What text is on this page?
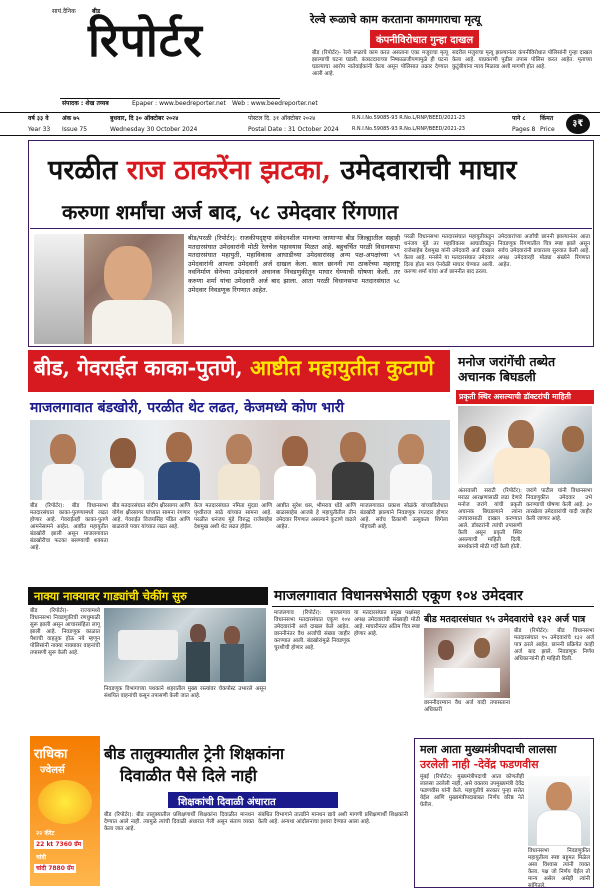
सायं.दैनिक	बीड
रिपोर्टर
संपादक : शेख तय्यब	Epaper : www.beedreporter.net Web : www.beedreporter.net
रेल्वे रूळाचे काम करताना कामगाराचा मृत्यू
कंपनीविरोधात गुन्हा दाखल
बीड (रिपोर्टर)- रेल्वे रूळाचे काम करत असताना एका मजुराचा मृत्यू झाल्याची घटना घडली. कंत्राटदाराच्या निष्काळजीपणामुळे ही घटना घडल्याचा आरोप नातेवाईकांनी केला असून पोलिसात तक्रार देण्यात आली आहे.
सदरील मजुराचा मृत्यू झाल्यानंतर कंपनीविरोधात पोलिसांनी गुन्हा दाखल केला आहे. याप्रकरणी पुढील तपास पोलिस करत आहेत. मृताच्या कुटुंबीयांना न्याय मिळावा अशी मागणी होत आहे.
वर्ष ३३ वे अंक ७५	बुधवार, दि ३० ऑक्टोबर २०२४
Year 33 Issue 75	Wednesday 30 October 2024
पोस्टल दि. ३१ ऑक्टोबर २०२४
Postal Date : 31 October 2024
R.N.I.No.59085-93 R.No.L/RNP/BEED/2021-23
R.N.I.No.59085-93 R.No.L/RNP/BEED/2021-23
पाने ८ किंमत
Pages 8 Price
३₹
परळीत राज ठाकरेंना झटका, उमेदवाराची माघार
करुणा शर्मांचा अर्ज बाद, ५८ उमेदवार रिंगणात
बीड/परळी (रिपोर्टर): राजकीयदृष्ट्या संवेदनशील मानल्या जाणाऱ्या बीड जिल्ह्यातील सहाही मतदारसंघात उमेदवारांनी मोठी रेलचेल पहावयास मिळत आहे. बहुचर्चित परळी विधानसभा मतदारसंघात महायुती, महाविकास आघाडीच्या उमेदवारांसह अन्य पक्ष-अपक्षांच्या ५९ उमेदवारांनी आपला उमेदवारी अर्ज दाखल केला. काल छाननी त्या ठाकरेंच्या महाराष्ट्र नवनिर्माण सेनेच्या उमेदवाराने अचानक निवडणुकीतून माघार घेण्याची घोषणा केली. तर करुणा शर्मा यांचा उमेदवारी अर्ज बाद झाला. आता परळी विधानसभा मतदारसंघात ५८ उमेदवार निवडणूक रिंगणात आहेत.
परळी विधानसभा मतदारसंघात महायुतीकडून धनंजय मुंडे तर महाविकास आघाडीकडून राजेसाहेब देशमुख यांनी उमेदवारी अर्ज दाखल केला आहे. मनसेने या मतदारसंघात उमेदवार दिला होता मात्र ऐनवेळी माघार घेण्यात आली. करुणा शर्मा यांचा अर्ज छाननीत बाद ठरला.
उमेदवारांच्या अर्जांची छाननी झाल्यानंतर आता निवडणूक रिंगणातील चित्र स्पष्ट झाले असून सर्वच उमेदवारांनी प्रचाराला सुरुवात केली आहे. अपक्ष उमेदवारही मोठ्या संख्येने रिंगणात आहेत.
बीड, गेवराईत काका-पुतणे, आष्टीत महायुतीत कुटाणे
माजलगावात बंडखोरी, परळीत थेट लढत, केजमध्ये कोण भारी
बीड (रिपोर्टर): बीड विधानसभा मतदारसंघात काका-पुतण्यामध्ये लढत होणार आहे. गेवराईतही काका-पुतणे आमनेसामने आहेत. आष्टीत महायुतीत बंडखोरी झाली असून माजलगावात बंडखोरीचा फटका बसण्याची शक्यता आहे.
बीड मतदारसंघात संदीप क्षीरसागर आणि योगेश क्षीरसागर यांच्यात सामना रंगणार आहे. गेवराईत विजयसिंह पंडित आणि बाळराजे पवार यांच्यात लढत आहे.
केज मतदारसंघात नमिता मुंदडा आणि पृथ्वीराज साठे यांच्यात सामना आहे. परळीत धनंजय मुंडे विरुद्ध राजेसाहेब देशमुख अशी थेट लढत होईल.
आष्टीत सुरेश धस, भीमराव धोंडे आणि बाळासाहेब आजबे हे महायुतीतील तीन उमेदवार रिंगणात असल्याने कुटाणे वाढले आहेत.
माजलगावात प्रकाश सोळंके यांच्याविरोधात बंडखोरी झाल्याने निवडणूक रंगतदार होणार आहे. सर्वच ठिकाणी उत्सुकता शिगेला पोहचली आहे.
मनोज जरांगेंची तब्येत अचानक बिघडली
प्रकृती स्थिर असल्याची डॉक्टरांची माहिती
अंतरवाली सराटी (रिपोर्टर): मराठा आरक्षणासाठी लढा देणारे मनोज जरांगे यांची प्रकृती अचानक बिघडल्याने त्यांना उपचारासाठी दाखल करण्यात आले. डॉक्टरांनी त्यांची तपासणी केली असून प्रकृती स्थिर असल्याची माहिती दिली. समर्थकांनी मोठी गर्दी केली होती.
जरांगे पाटील यांनी विधानसभा निवडणुकीत उमेदवार उभे करण्याची घोषणा केली आहे. ३० तारखेला उमेदवारांची यादी जाहीर केली जाणार आहे.
नाक्या नाक्यावर गाड्यांची चेकींग सुरु
बीड (रिपोर्टर)- राज्यामध्ये विधानसभा निवडणुकीची रणधुमाळी सुरू झाली असून आचारसंहिता लागू झाली आहे. निवडणूक काळात पैशाची वाहतूक होऊ नये म्हणून पोलिसांनी नाक्या नाक्यावर वाहनांची तपासणी सुरू केली आहे.
निवडणूक विभागाच्या पथकाने शहरातील मुख्य रस्त्यांवर चेकपोस्ट उभारले असून संशयित वाहनांची कसून तपासणी केली जात आहे.
माजलगावात विधानसभेसाठी एकूण १०४ उमेदवार
माजलगाव (रिपोर्टर): माजलगाव विधानसभा मतदारसंघात एकूण १०४ उमेदवारांनी अर्ज दाखल केले आहेत. छाननीनंतर वैध अर्जांची संख्या जाहीर करण्यात आली. बंडखोरांमुळे निवडणूक चुरशीची होणार आहे.
या मतदारसंघात प्रमुख पक्षांसह अपक्ष उमेदवारांची संख्याही मोठी आहे. माघारीनंतर अंतिम चित्र स्पष्ट होणार आहे.
बीड मतदारसंघात ९५ उमेदवारांचे १३२ अर्ज पात्र
छाननीदरम्यान वैध अर्ज यादी तपासताना अधिकारी
बीड (रिपोर्टर): बीड विधानसभा मतदारसंघात ९५ उमेदवारांचे १३२ अर्ज पात्र ठरले आहेत. छाननी प्रक्रियेत काही अर्ज बाद झाले. निवडणूक निर्णय अधिकाऱ्यांनी ही माहिती दिली.
बीड तालुक्यातील ट्रेनी शिक्षकांना
दिवाळीत पैसे दिले नाही
शिक्षकांची दिवाळी अंधारात
बीड (रिपोर्टर): बीड तालुक्यातील प्रशिक्षणार्थी शिक्षकांना दिवाळीत मानधन देण्यात आले नाही. त्यामुळे त्यांची दिवाळी अंधारात गेली असून संताप व्यक्त केला जात आहे.
संबंधित विभागाने तातडीने मानधन द्यावे अशी मागणी प्रशिक्षणार्थी शिक्षकांनी केली आहे. अन्यथा आंदोलनाचा इशारा देण्यात आला आहे.
राधिका
ज्वेलर्स
२२ कॅरेट
22 kt 7360 ग्रॅम
चांदी
चांदी 7880 ग्रॅम
मला आता मुख्यमंत्रीपदाची लालसा
उरलेली नाही -देवेंद्र फडणवीस
मुंबई (रिपोर्टर): मुख्यमंत्रीपदाची आता कोणतीही लालसा उरलेली नाही, असे वक्तव्य उपमुख्यमंत्री देवेंद्र फडणवीस यांनी केले. महायुतीचे सरकार पुन्हा सत्तेत येईल आणि मुख्यमंत्रीपदाबाबत निर्णय वरिष्ठ नेते घेतील.
विधानसभा निवडणुकीत महायुतीला स्पष्ट बहुमत मिळेल असा विश्वास त्यांनी व्यक्त केला. पक्ष जो निर्णय घेईल तो मान्य असेल असेही त्यांनी सांगितले.
